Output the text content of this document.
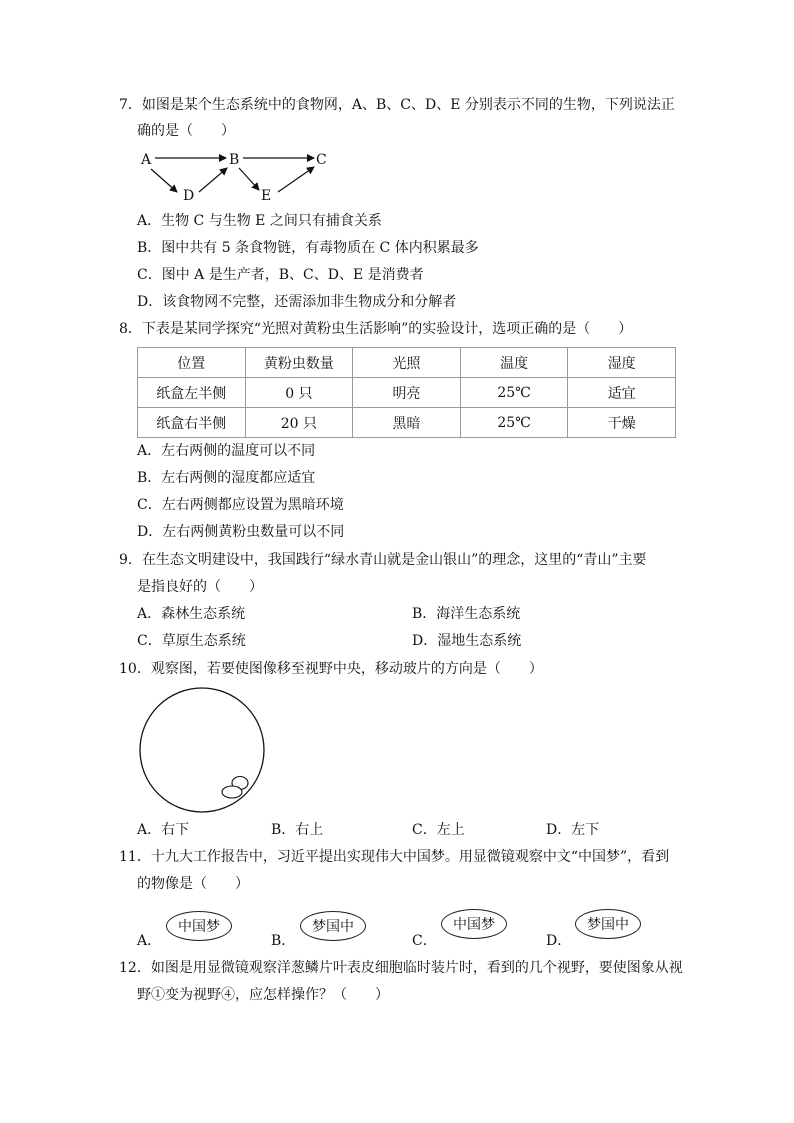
7．如图是某个生态系统中的食物网，A、B、C、D、E 分别表示不同的生物，下列说法正
确的是（　　）
A	B	C
D	E
A．生物 C 与生物 E 之间只有捕食关系
B．图中共有 5 条食物链，有毒物质在 C 体内积累最多
C．图中 A 是生产者，B、C、D、E 是消费者
D．该食物网不完整，还需添加非生物成分和分解者
8．下表是某同学探究“光照对黄粉虫生活影响”的实验设计，选项正确的是（　　）
位置	黄粉虫数量	光照	温度	湿度
纸盒左半侧	0 只	明亮	25℃	适宜
纸盒右半侧	20 只	黑暗	25℃	干燥
A．左右两侧的温度可以不同
B．左右两侧的湿度都应适宜
C．左右两侧都应设置为黑暗环境
D．左右两侧黄粉虫数量可以不同
9．在生态文明建设中，我国践行“绿水青山就是金山银山”的理念，这里的“青山”主要
是指良好的（　　）
A．森林生态系统	B．海洋生态系统
C．草原生态系统	D．湿地生态系统
10．观察图，若要使图像移至视野中央，移动玻片的方向是（　　）
A．右下	B．右上	C．左上	D．左下
11．十九大工作报告中，习近平提出实现伟大中国梦。用显微镜观察中文“中国梦”，看到
的物像是（　　）
A．
中国梦
B．
梦国中
C．
中国梦
D．
梦国中
12．如图是用显微镜观察洋葱鳞片叶表皮细胞临时装片时，看到的几个视野，要使图象从视
野①变为视野④，应怎样操作？（　　）
